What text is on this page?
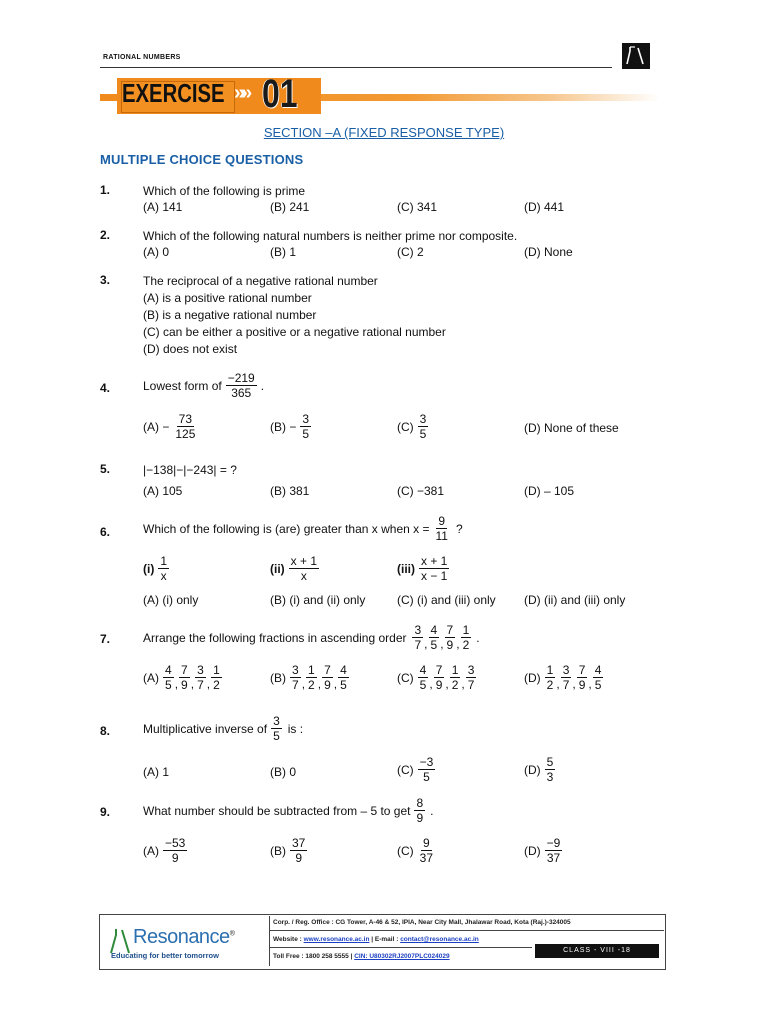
RATIONAL NUMBERS
EXERCISE »» 01
SECTION –A (FIXED RESPONSE TYPE)
MULTIPLE CHOICE QUESTIONS
1.	Which of the following is prime
(A) 141	(B) 241	(C) 341	(D) 441
2.	Which of the following natural numbers is neither prime nor composite.
(A) 0	(B) 1	(C) 2	(D) None
3.	The reciprocal of a negative rational number
(A) is a positive rational number
(B) is a negative rational number
(C) can be either a positive or a negative rational number
(D) does not exist
4.	Lowest form of $\frac{-219}{365}$ .
$(A) - \frac{73}{125}$	$(B) - \frac{3}{5}$	$(C) \frac{3}{5}$	(D) None of these
5.	|−138|−|−243| = ?
(A) 105	(B) 381	(C) −381	(D) – 105
6.	Which of the following is (are) greater than x when $x = \frac{9}{11}$ ?
$(i) \frac{1}{x}$	$(ii) \frac{x + 1}{x}$	$(iii) \frac{x + 1}{x - 1}$
(A) (i) only	(B) (i) and (ii) only	(C) (i) and (iii) only (D) (ii) and (iii) only
7.	Arrange the following fractions in ascending order $\frac{3}{7}$ , $\frac{4}{5}$ , $\frac{7}{9}$ , $\frac{1}{2}$ .
$(A) \frac{4}{5}$ , $\frac{7}{9}$ , $\frac{3}{7}$ , $\frac{1}{2}$	$(B) \frac{3}{7}$ , $\frac{1}{2}$ , $\frac{7}{9}$ , $\frac{4}{5}$	$(C) \frac{4}{5}$ , $\frac{7}{9}$ , $\frac{1}{2}$ , $\frac{3}{7}$	$(D) \frac{1}{2}$ , $\frac{3}{7}$ , $\frac{7}{9}$ , $\frac{4}{5}$
8.	Multiplicative inverse of $\frac{3}{5}$ is :
(A) 1	(B) 0	$(C) \frac{-3}{5}$	$(D) \frac{5}{3}$
9.	What number should be subtracted from – 5 to get $\frac{8}{9}$ .
$(A) \frac{-53}{9}$	$(B) \frac{37}{9}$	$(C) \frac{9}{37}$	$(D) \frac{-9}{37}$
Resonance®
Educating for better tomorrow
Corp. / Reg. Office : CG Tower, A-46 & 52, IPIA, Near City Mall, Jhalawar Road, Kota (Raj.)-324005
Website : www.resonance.ac.in | E-mail : contact@resonance.ac.in
Toll Free : 1800 258 5555 | CIN: U80302RJ2007PLC024029
CLASS - VIII -18
